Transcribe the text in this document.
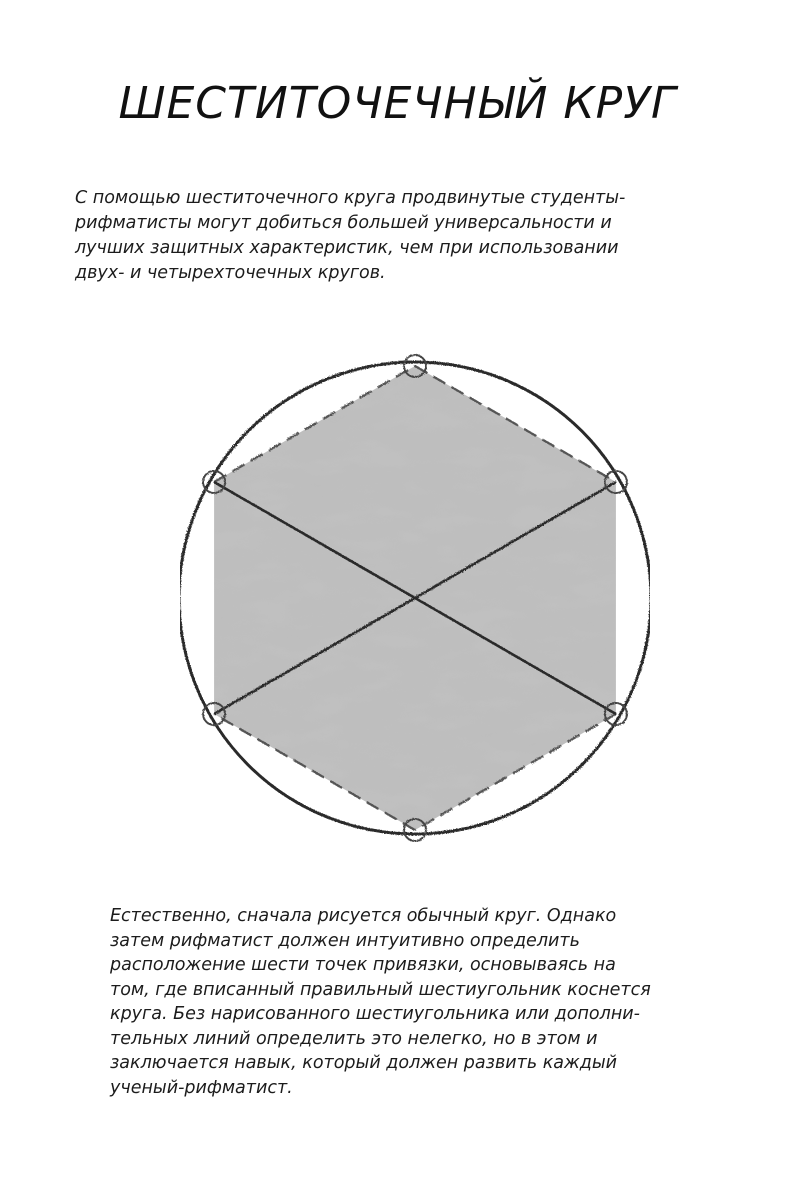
ШЕСТИТОЧЕЧНЫЙ КРУГ
С помощью шеститочечного круга продвинутые студенты-
рифматисты могут добиться большей универсальности и
лучших защитных характеристик, чем при использовании
двух- и четырехточечных кругов.
Естественно, сначала рисуется обычный круг. Однако
затем рифматист должен интуитивно определить
расположение шести точек привязки, основываясь на
том, где вписанный правильный шестиугольник коснется
круга. Без нарисованного шестиугольника или дополни-
тельных линий определить это нелегко, но в этом и
заключается навык, который должен развить каждый
ученый-рифматист.
